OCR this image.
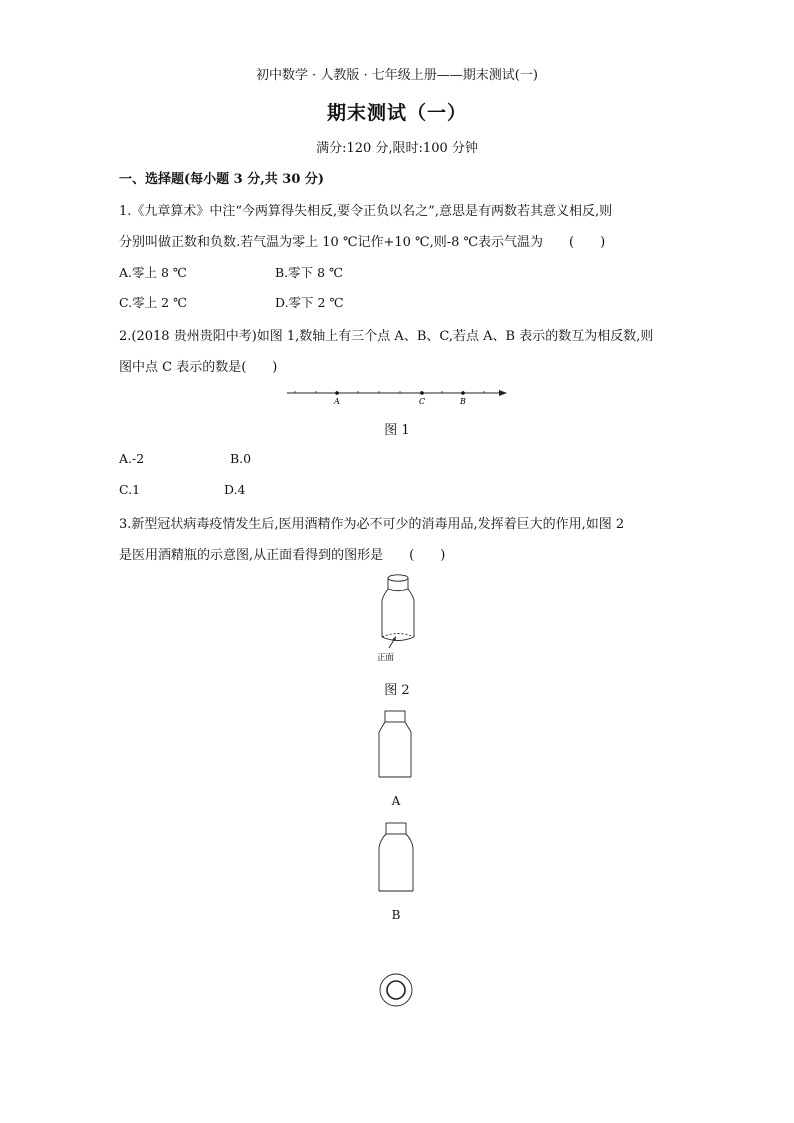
初中数学 · 人教版 · 七年级上册——期末测试(一)
期末测试（一）
满分:120 分,限时:100 分钟
一、选择题(每小题 3 分,共 30 分)
1.《九章算术》中注“今两算得失相反,要令正负以名之”,意思是有两数若其意义相反,则
分别叫做正数和负数.若气温为零上 10 ℃记作+10 ℃,则-8 ℃表示气温为　　(　　)
A.零上 8 ℃	B.零下 8 ℃
C.零上 2 ℃	D.零下 2 ℃
2.(2018 贵州贵阳中考)如图 1,数轴上有三个点 A、B、C,若点 A、B 表示的数互为相反数,则
图中点 C 表示的数是(　　)
A	C	B
图 1
A.-2	B.0
C.1	D.4
3.新型冠状病毒疫情发生后,医用酒精作为必不可少的消毒用品,发挥着巨大的作用,如图 2
是医用酒精瓶的示意图,从正面看得到的图形是　　(　　)
正面
图 2
A
B
